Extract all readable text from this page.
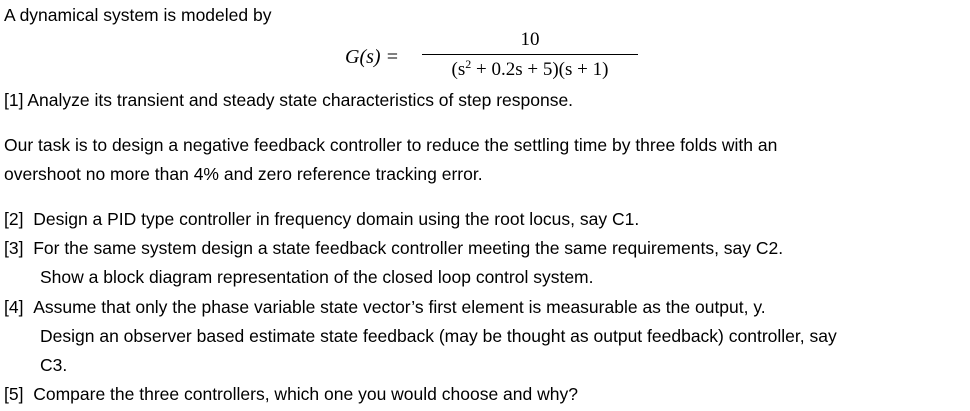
A dynamical system is modeled by
G(s) =
10
$(s^2 + 0.2s + 5)(s + 1)$
[1] Analyze its transient and steady state characteristics of step response.
Our task is to design a negative feedback controller to reduce the settling time by three folds with an
overshoot no more than 4% and zero reference tracking error.
[2] Design a PID type controller in frequency domain using the root locus, say C1.
[3] For the same system design a state feedback controller meeting the same requirements, say C2.
Show a block diagram representation of the closed loop control system.
[4] Assume that only the phase variable state vector’s first element is measurable as the output, y.
Design an observer based estimate state feedback (may be thought as output feedback) controller, say
C3.
[5] Compare the three controllers, which one you would choose and why?
